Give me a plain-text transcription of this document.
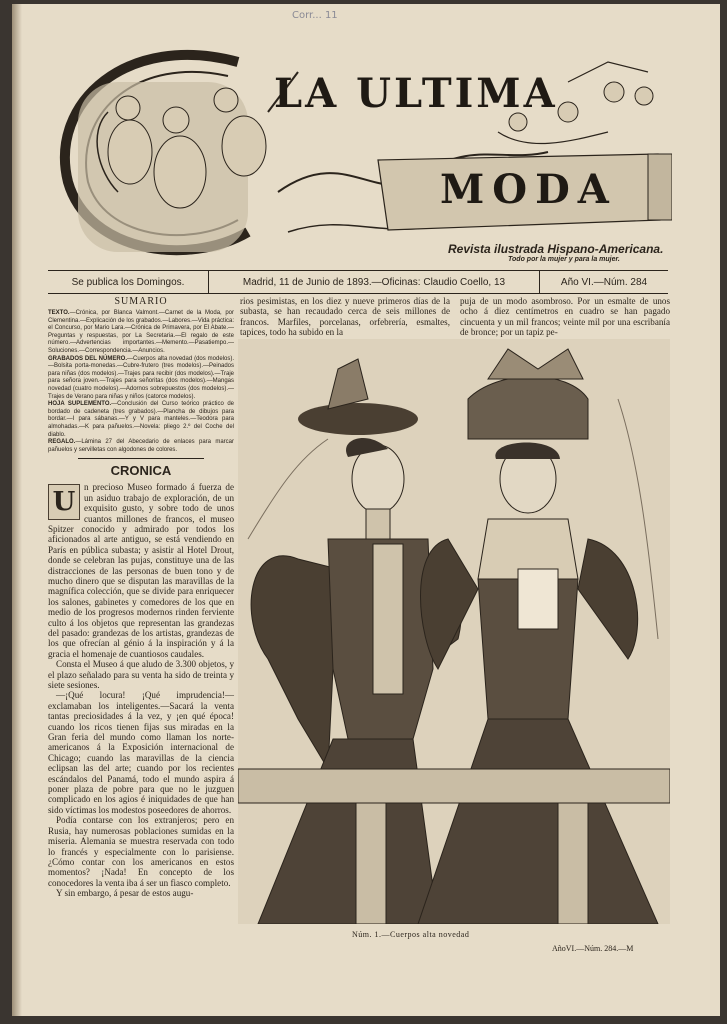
Corr... 11
LA ULTIMA
MODA
Revista ilustrada Hispano-Americana.
Todo por la mujer y para la mujer.
Se publica los Domingos.	Madrid, 11 de Junio de 1893.—Oficinas: Claudio Coello, 13	Año VI.—Núm. 284
SUMARIO

TEXTO.—Crónica, por Blanca Valmont.—Carnet de la Moda, por Clementina.—Explicación de los grabados.—Labores.—Vida práctica: el Concurso, por Mario Lara.—Crónica de Primavera, por El Abate.—Preguntas y respuestas, por La Secretaria.—El regalo de este número.—Advertencias importantes.—Memento.—Pasatiempo.—Soluciones.—Correspondencia.—Anuncios.

GRABADOS DEL NÚMERO.—Cuerpos alta novedad (dos modelos).—Bolsita porta-monedas.—Cubre-frutero (tres modelos).—Peinados para niñas (dos modelos).—Trajes para recibir (dos modelos).—Traje para señora joven.—Trajes para señoritas (dos modelos).—Mangas novedad (cuatro modelos).—Adornos sobrepuestos (dos modelos).—Trajes de Verano para niñas y niños (catorce modelos).

HOJA SUPLEMENTO.—Conclusión del Curso teórico práctico de bordado de cadeneta (tres grabados).—Plancha de dibujos para bordar.—I para sábanas.—Y y V para manteles.—Teodora para almohadas.—K para pañuelos.—Novela: pliego 2.º del Coche del diablo.

REGALO.—Lámina 27 del Abecedario de enlaces para marcar pañuelos y servilletas con algodones de colores.

CRONICA
U n precioso Museo formado á fuerza de un asiduo trabajo de exploración, de un exquisito gusto, y sobre todo de unos cuantos millones de francos, el museo Spitzer conocido y admirado por todos los aficionados al arte antiguo, se está vendiendo en París en pública subasta; y asistir al Hotel Drout, donde se celebran las pujas, constituye una de las distracciones de las personas de buen tono y de mucho dinero que se disputan las maravillas de la magnífica colección, que se divide para enriquecer los salones, gabinetes y comedores de los que en medio de los progresos modernos rinden ferviente culto á los objetos que representan las grandezas del pasado: grandezas de los artistas, grandezas de los que ofrecían al génio á la inspiración y á la gracia el homenaje de cuantiosos caudales.

Consta el Museo á que aludo de 3.300 objetos, y el plazo señalado para su venta ha sido de treinta y siete sesiones.

—¡Qué locura! ¡Qué imprudencia!—exclamaban los inteligentes.—Sacará la venta tantas preciosidades á la vez, y ¡en qué época! cuando los ricos tienen fijas sus miradas en la Gran feria del mundo como llaman los norte-americanos á la Exposición internacional de Chicago; cuando las maravillas de la ciencia eclipsan las del arte; cuando por los recientes escándalos del Panamá, todo el mundo aspira á poner plaza de pobre para que no le juzguen complicado en los agios é iniquidades de que han sido víctimas los modestos poseedores de ahorros.

Podía contarse con los extranjeros; pero en Rusia, hay numerosas poblaciones sumidas en la miseria. Alemania se muestra reservada con todo lo francés y especialmente con lo parisiense. ¿Cómo contar con los americanos en estos momentos? ¡Nada! En concepto de los conocedores la venta iba á ser un fiasco completo.

Y sin embargo, á pesar de estos augu-

rios pesimistas, en los diez y nueve primeros días de la subasta, se han recaudado cerca de seis millones de francos. Marfiles, porcelanas, orfebrería, esmaltes, tapices, todo ha subido en la
puja de un modo asombroso. Por un esmalte de unos ocho á diez centímetros en cuadro se han pagado cincuenta y un mil francos; veinte mil por una escribanía de bronce; por un tapiz pe-
Núm. 1.—Cuerpos alta novedad
AñoVI.—Núm. 284.—M
